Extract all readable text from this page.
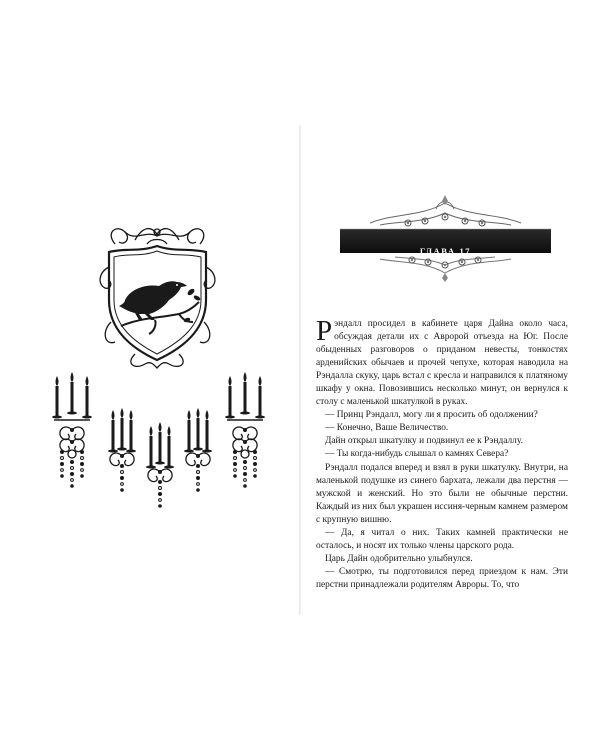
ГЛАВА 17

Рэндалл просидел в кабинете царя Дайна около часа, обсуждая детали их с Авророй отъезда на Юг. После обыденных разговоров о приданом невесты, тонкостях арденийских обычаев и прочей чепухе, которая наводила на Рэндалла скуку, царь встал с кресла и направился к платяному шкафу у окна. Повозившись несколько минут, он вернулся к столу с маленькой шкатулкой в руках.

— Принц Рэндалл, могу ли я просить об одолжении?

— Конечно, Ваше Величество.

Дайн открыл шкатулку и подвинул ее к Рэндаллу.

— Ты когда-нибудь слышал о камнях Севера?

Рэндалл подался вперед и взял в руки шкатулку. Внутри, на маленькой подушке из синего бархата, лежали два перстня — мужской и женский. Но это были не обычные перстни. Каждый из них был украшен иссиня-черным камнем размером с крупную вишню.

— Да, я читал о них. Таких камней практически не осталось, и носят их только члены царского рода.

Царь Дайн одобрительно улыбнулся.

— Смотрю, ты подготовился перед приездом к нам. Эти перстни принадлежали родителям Авроры. То, что
